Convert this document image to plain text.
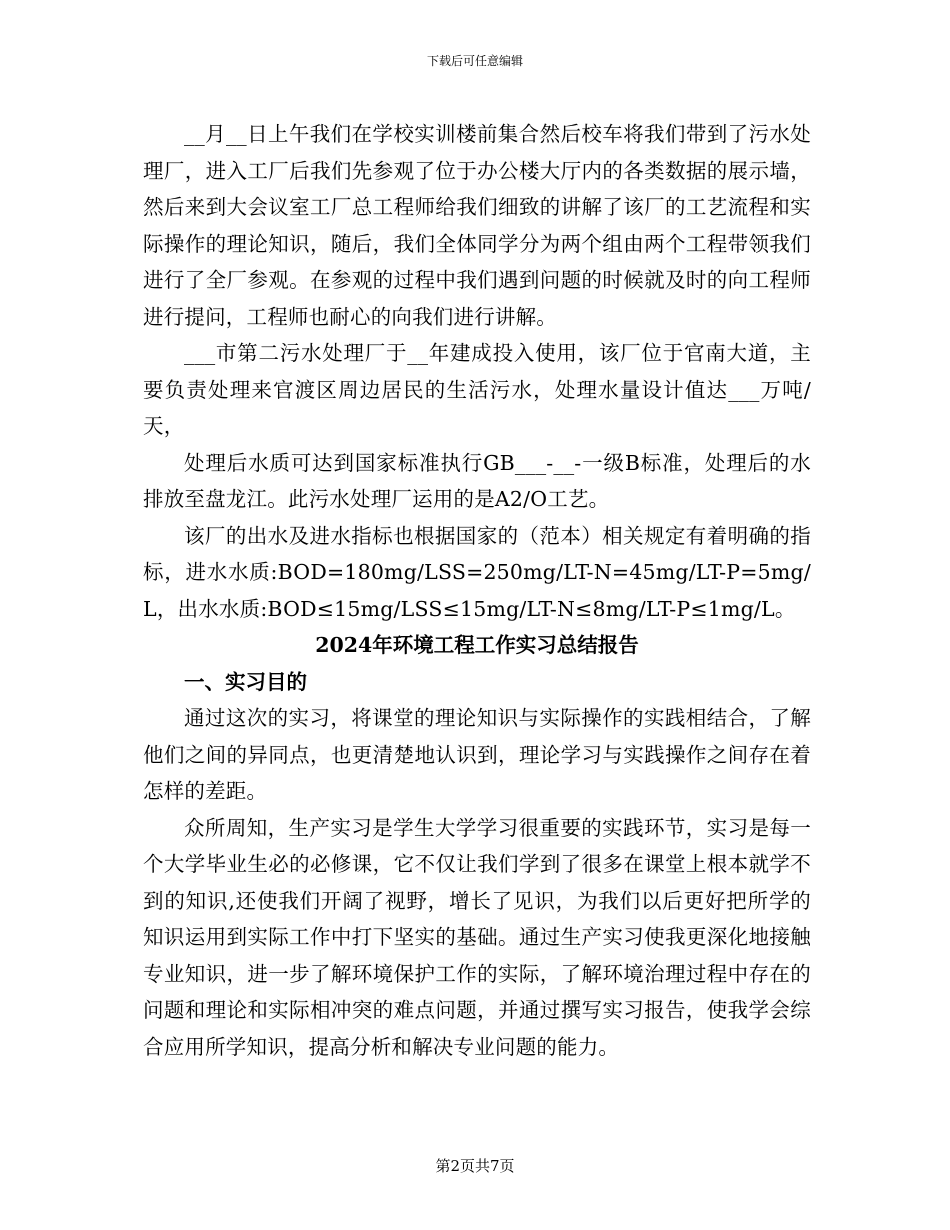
下载后可任意编辑

__月__日上午我们在学校实训楼前集合然后校车将我们带到了污水处理厂，进入工厂后我们先参观了位于办公楼大厅内的各类数据的展示墙，然后来到大会议室工厂总工程师给我们细致的讲解了该厂的工艺流程和实际操作的理论知识，随后，我们全体同学分为两个组由两个工程带领我们进行了全厂参观。在参观的过程中我们遇到问题的时候就及时的向工程师进行提问，工程师也耐心的向我们进行讲解。

___市第二污水处理厂于__年建成投入使用，该厂位于官南大道，主要负责处理来官渡区周边居民的生活污水，处理水量设计值达___万吨/天，

处理后水质可达到国家标准执行GB___-__-一级B标准，处理后的水排放至盘龙江。此污水处理厂运用的是A2/O工艺。

该厂的出水及进水指标也根据国家的（范本）相关规定有着明确的指标，进水水质:BOD=180mg/LSS=250mg/LT-N=45mg/LT-P=5mg/L，出水水质:BOD≤15mg/LSS≤15mg/LT-N≤8mg/LT-P≤1mg/L。

2024年环境工程工作实习总结报告

一、实习目的

通过这次的实习，将课堂的理论知识与实际操作的实践相结合，了解他们之间的异同点，也更清楚地认识到，理论学习与实践操作之间存在着怎样的差距。

众所周知，生产实习是学生大学学习很重要的实践环节，实习是每一个大学毕业生必的必修课，它不仅让我们学到了很多在课堂上根本就学不到的知识,还使我们开阔了视野，增长了见识，为我们以后更好把所学的知识运用到实际工作中打下坚实的基础。通过生产实习使我更深化地接触专业知识，进一步了解环境保护工作的实际，了解环境治理过程中存在的问题和理论和实际相冲突的难点问题，并通过撰写实习报告，使我学会综合应用所学知识，提高分析和解决专业问题的能力。

第2页共7页
